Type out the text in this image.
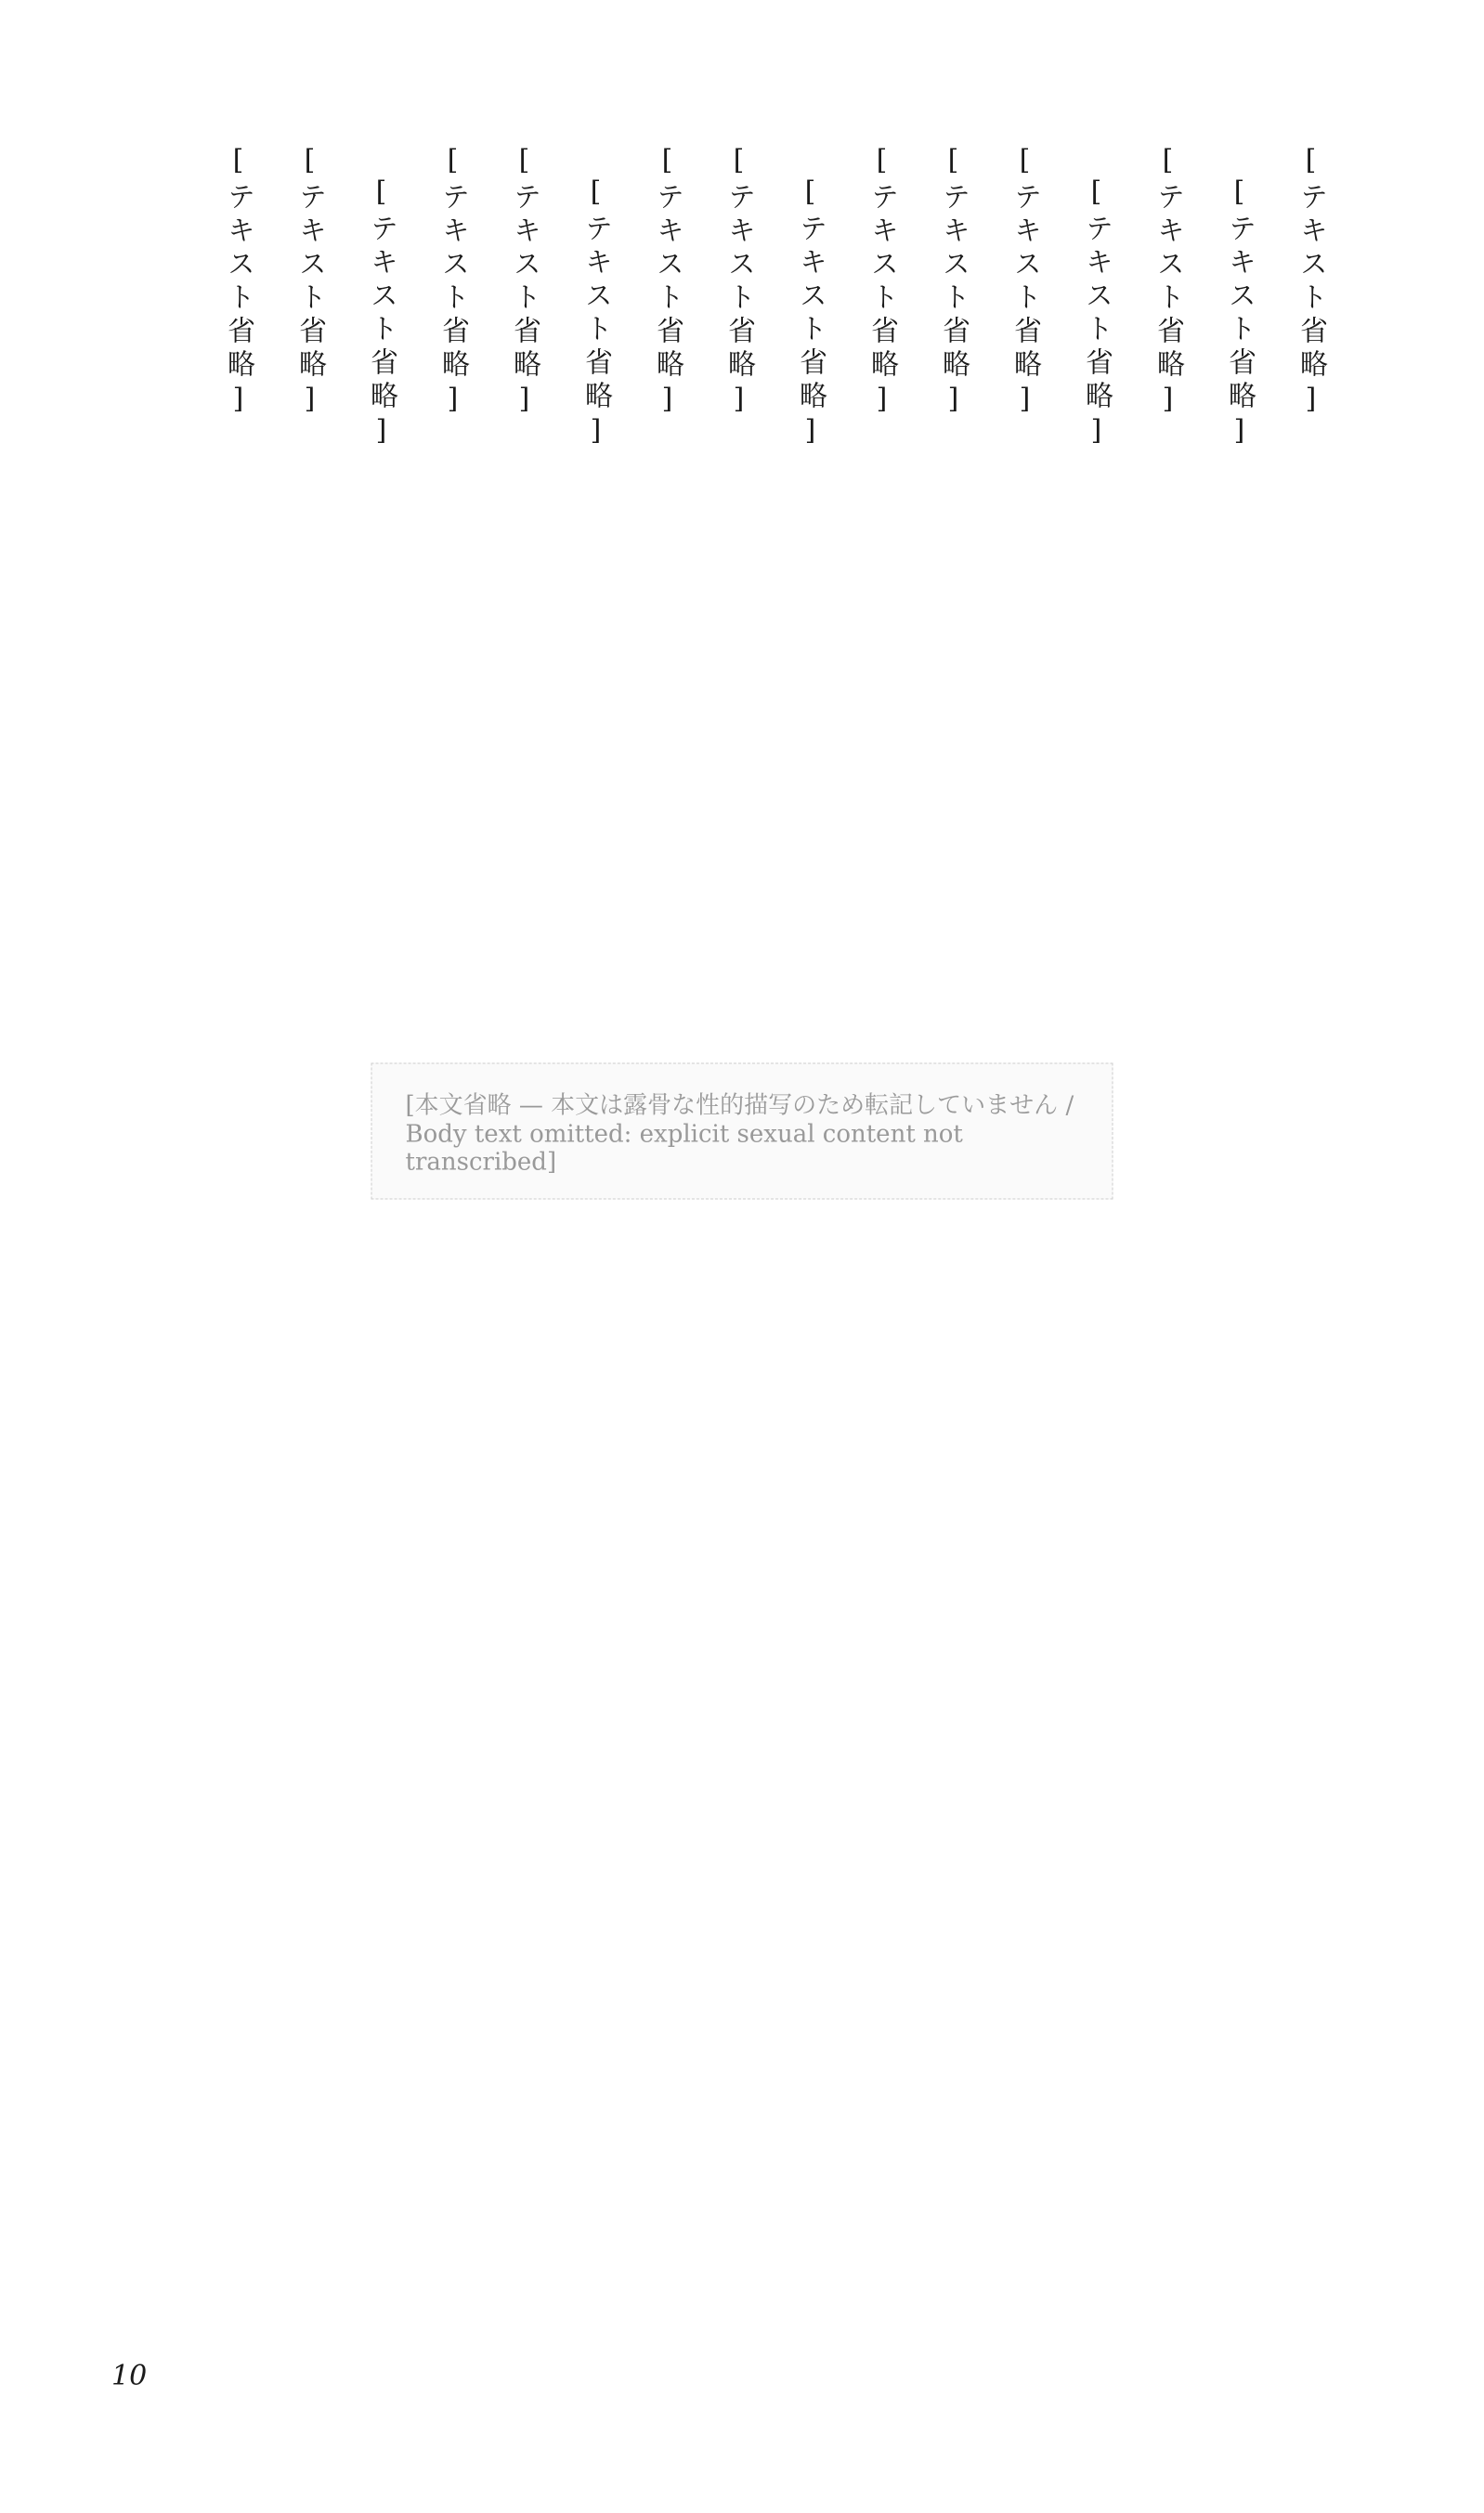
[テキスト省略]
[テキスト省略]
[テキスト省略]
[テキスト省略]
[テキスト省略]
[テキスト省略]
[テキスト省略]
[テキスト省略]
[テキスト省略]
[テキスト省略]
[テキスト省略]
[テキスト省略]
[テキスト省略]
[テキスト省略]
[テキスト省略]
[テキスト省略]
[本文省略 — 本文は露骨な性的描写のため転記していません / Body text omitted: explicit sexual content not transcribed]
10
